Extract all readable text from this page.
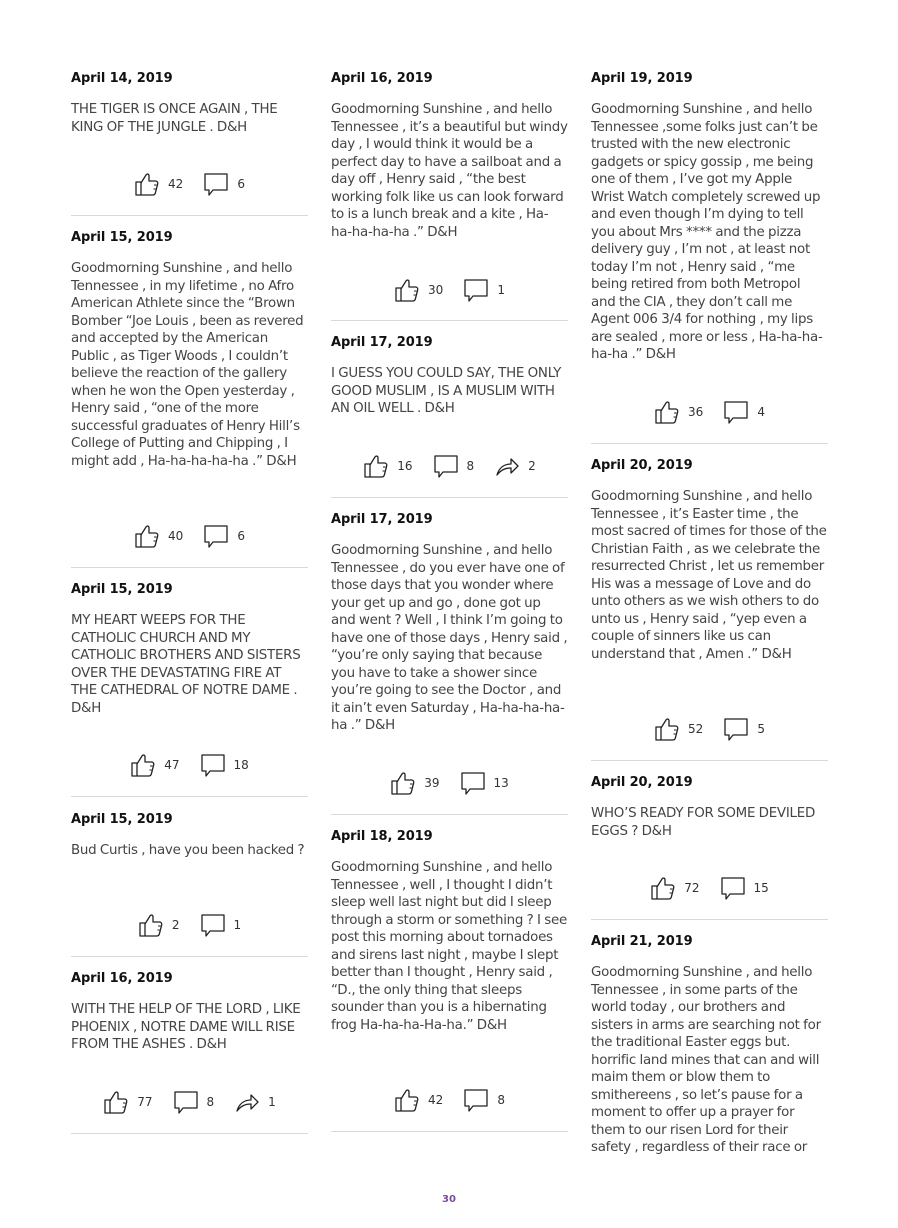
April 14, 2019
THE TIGER IS ONCE AGAIN , THE KING OF THE JUNGLE . D&H
42	6
April 15, 2019
Goodmorning Sunshine , and hello Tennessee , in my lifetime , no Afro American Athlete since the “Brown Bomber “Joe Louis , been as revered and accepted by the American Public , as Tiger Woods , I couldn’t believe the reaction of the gallery when he won the Open yesterday , Henry said , “one of the more successful graduates of Henry Hill’s College of Putting and Chipping , I might add , Ha-ha-ha-ha-ha .” D&H
40	6
April 15, 2019
MY HEART WEEPS FOR THE CATHOLIC CHURCH AND MY CATHOLIC BROTHERS AND SISTERS OVER THE DEVASTATING FIRE AT THE CATHEDRAL OF NOTRE DAME . D&H
47	18
April 15, 2019
Bud Curtis , have you been hacked ?
2	1
April 16, 2019
WITH THE HELP OF THE LORD , LIKE PHOENIX , NOTRE DAME WILL RISE FROM THE ASHES . D&H
77	8	1
April 16, 2019
Goodmorning Sunshine , and hello Tennessee , it’s a beautiful but windy day , I would think it would be a perfect day to have a sailboat and a day off , Henry said , “the best working folk like us can look forward to is a lunch break and a kite , Ha-ha-ha-ha-ha .” D&H
30	1
April 17, 2019
I GUESS YOU COULD SAY, THE ONLY GOOD MUSLIM , IS A MUSLIM WITH AN OIL WELL . D&H
16	8	2
April 17, 2019
Goodmorning Sunshine , and hello Tennessee , do you ever have one of those days that you wonder where your get up and go , done got up and went ? Well , I think I’m going to have one of those days , Henry said , “you’re only saying that because you have to take a shower since you’re going to see the Doctor , and it ain’t even Saturday , Ha-ha-ha-ha-ha .” D&H
39	13
April 18, 2019
Goodmorning Sunshine , and hello Tennessee , well , I thought I didn’t sleep well last night but did I sleep through a storm or something ? I see post this morning about tornadoes and sirens last night , maybe I slept better than I thought , Henry said , “D., the only thing that sleeps sounder than you is a hibernating frog Ha-ha-ha-Ha-ha.” D&H
42	8
April 19, 2019
Goodmorning Sunshine , and hello Tennessee ,some folks just can’t be trusted with the new electronic gadgets or spicy gossip , me being one of them , I’ve got my Apple Wrist Watch completely screwed up and even though I’m dying to tell you about Mrs **** and the pizza delivery guy , I’m not , at least not today I’m not , Henry said , “me being retired from both Metropol and the CIA , they don’t call me Agent 006 3/4 for nothing , my lips are sealed , more or less , Ha-ha-ha-ha-ha .” D&H
36	4
April 20, 2019
Goodmorning Sunshine , and hello Tennessee , it’s Easter time , the most sacred of times for those of the Christian Faith , as we celebrate the resurrected Christ , let us remember His was a message of Love and do unto others as we wish others to do unto us , Henry said , “yep even a couple of sinners like us can understand that , Amen .” D&H
52	5
April 20, 2019
WHO’S READY FOR SOME DEVILED EGGS ? D&H
72	15
April 21, 2019
Goodmorning Sunshine , and hello Tennessee , in some parts of the world today , our brothers and sisters in arms are searching not for the traditional Easter eggs but. horrific land mines that can and will maim them or blow them to smithereens , so let’s pause for a moment to offer up a prayer for them to our risen Lord for their safety , regardless of their race or
30
